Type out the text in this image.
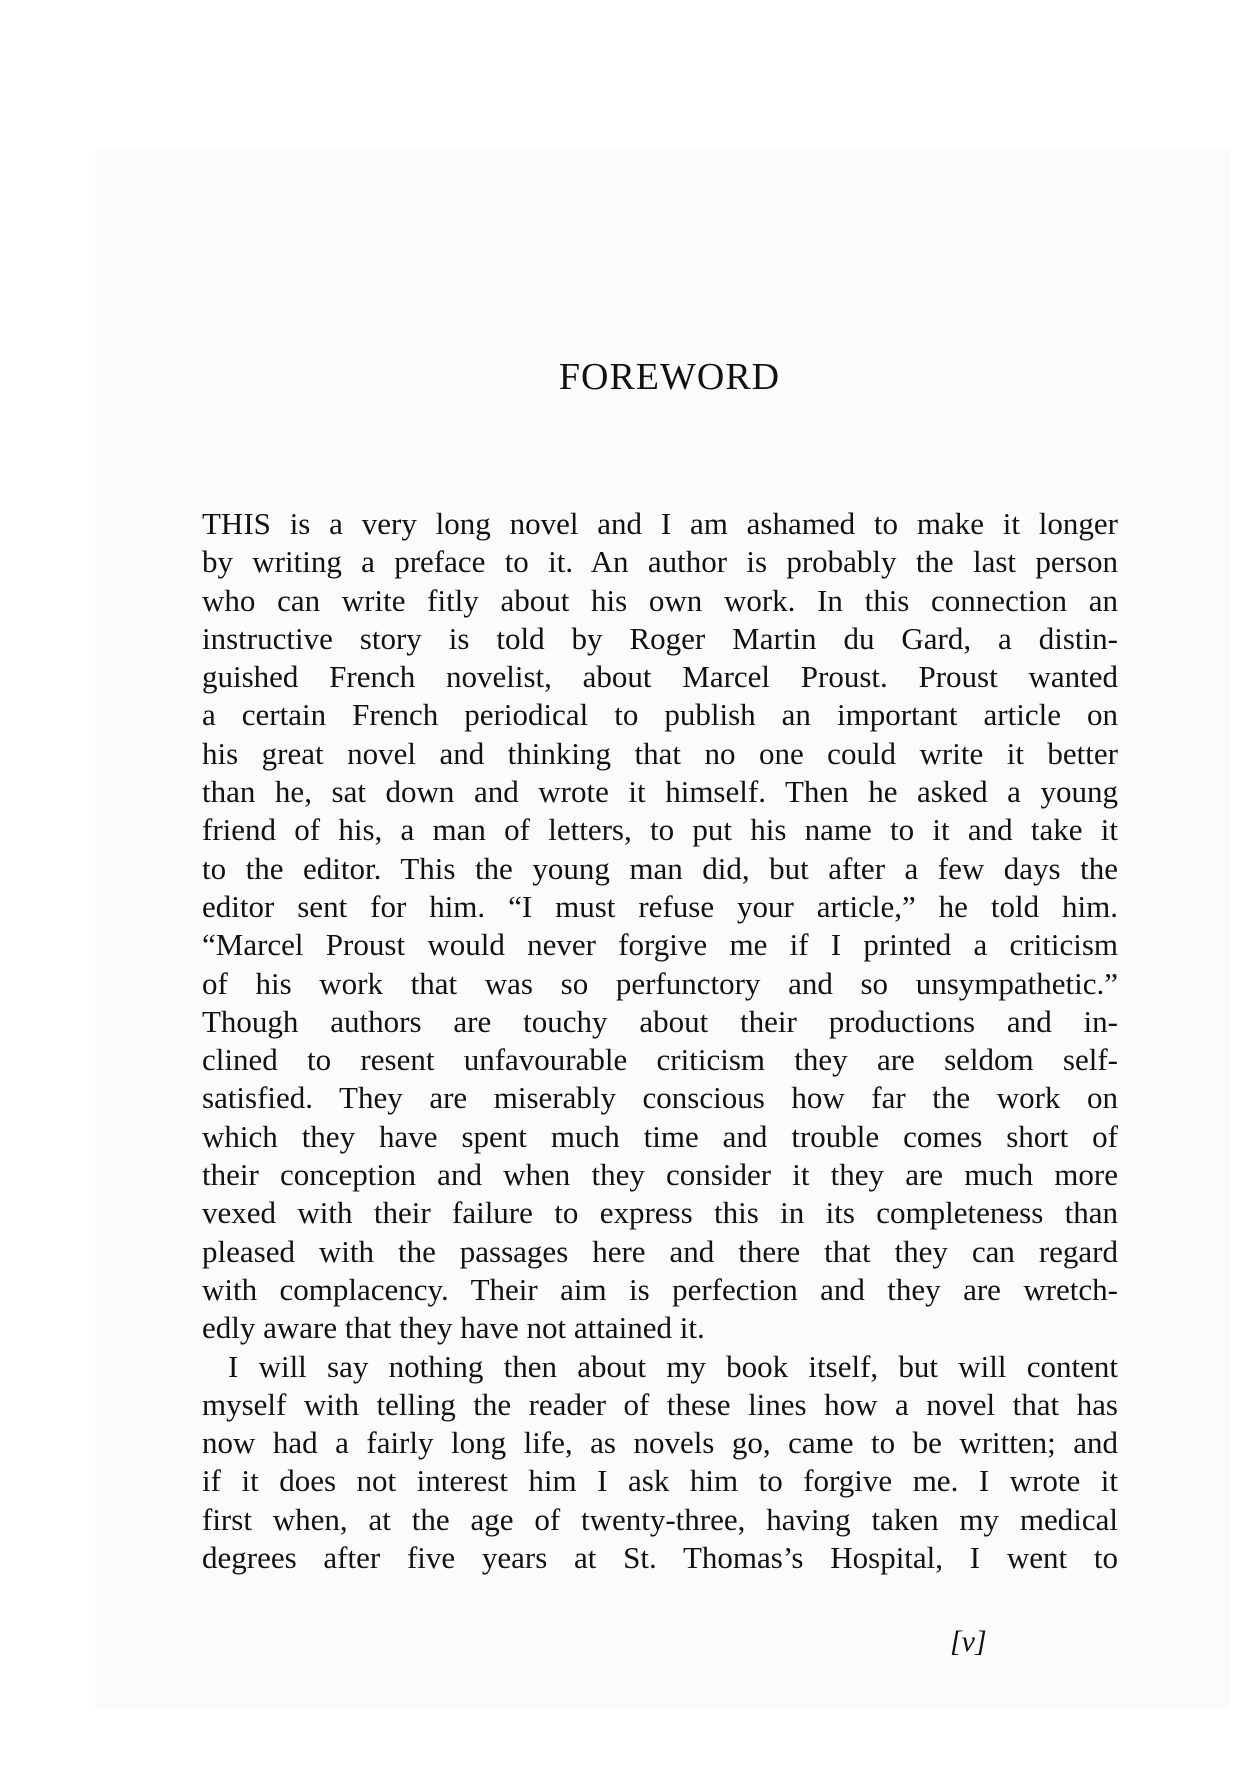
FOREWORD
THIS is a very long novel and I am ashamed to make it longer
by writing a preface to it. An author is probably the last person
who can write fitly about his own work. In this connection an
instructive story is told by Roger Martin du Gard, a distin-
guished French novelist, about Marcel Proust. Proust wanted
a certain French periodical to publish an important article on
his great novel and thinking that no one could write it better
than he, sat down and wrote it himself. Then he asked a young
friend of his, a man of letters, to put his name to it and take it
to the editor. This the young man did, but after a few days the
editor sent for him. “I must refuse your article,” he told him.
“Marcel Proust would never forgive me if I printed a criticism
of his work that was so perfunctory and so unsympathetic.”
Though authors are touchy about their productions and in-
clined to resent unfavourable criticism they are seldom self-
satisfied. They are miserably conscious how far the work on
which they have spent much time and trouble comes short of
their conception and when they consider it they are much more
vexed with their failure to express this in its completeness than
pleased with the passages here and there that they can regard
with complacency. Their aim is perfection and they are wretch-
edly aware that they have not attained it.
I will say nothing then about my book itself, but will content
myself with telling the reader of these lines how a novel that has
now had a fairly long life, as novels go, came to be written; and
if it does not interest him I ask him to forgive me. I wrote it
first when, at the age of twenty-three, having taken my medical
degrees after five years at St. Thomas’s Hospital, I went to

[v]
